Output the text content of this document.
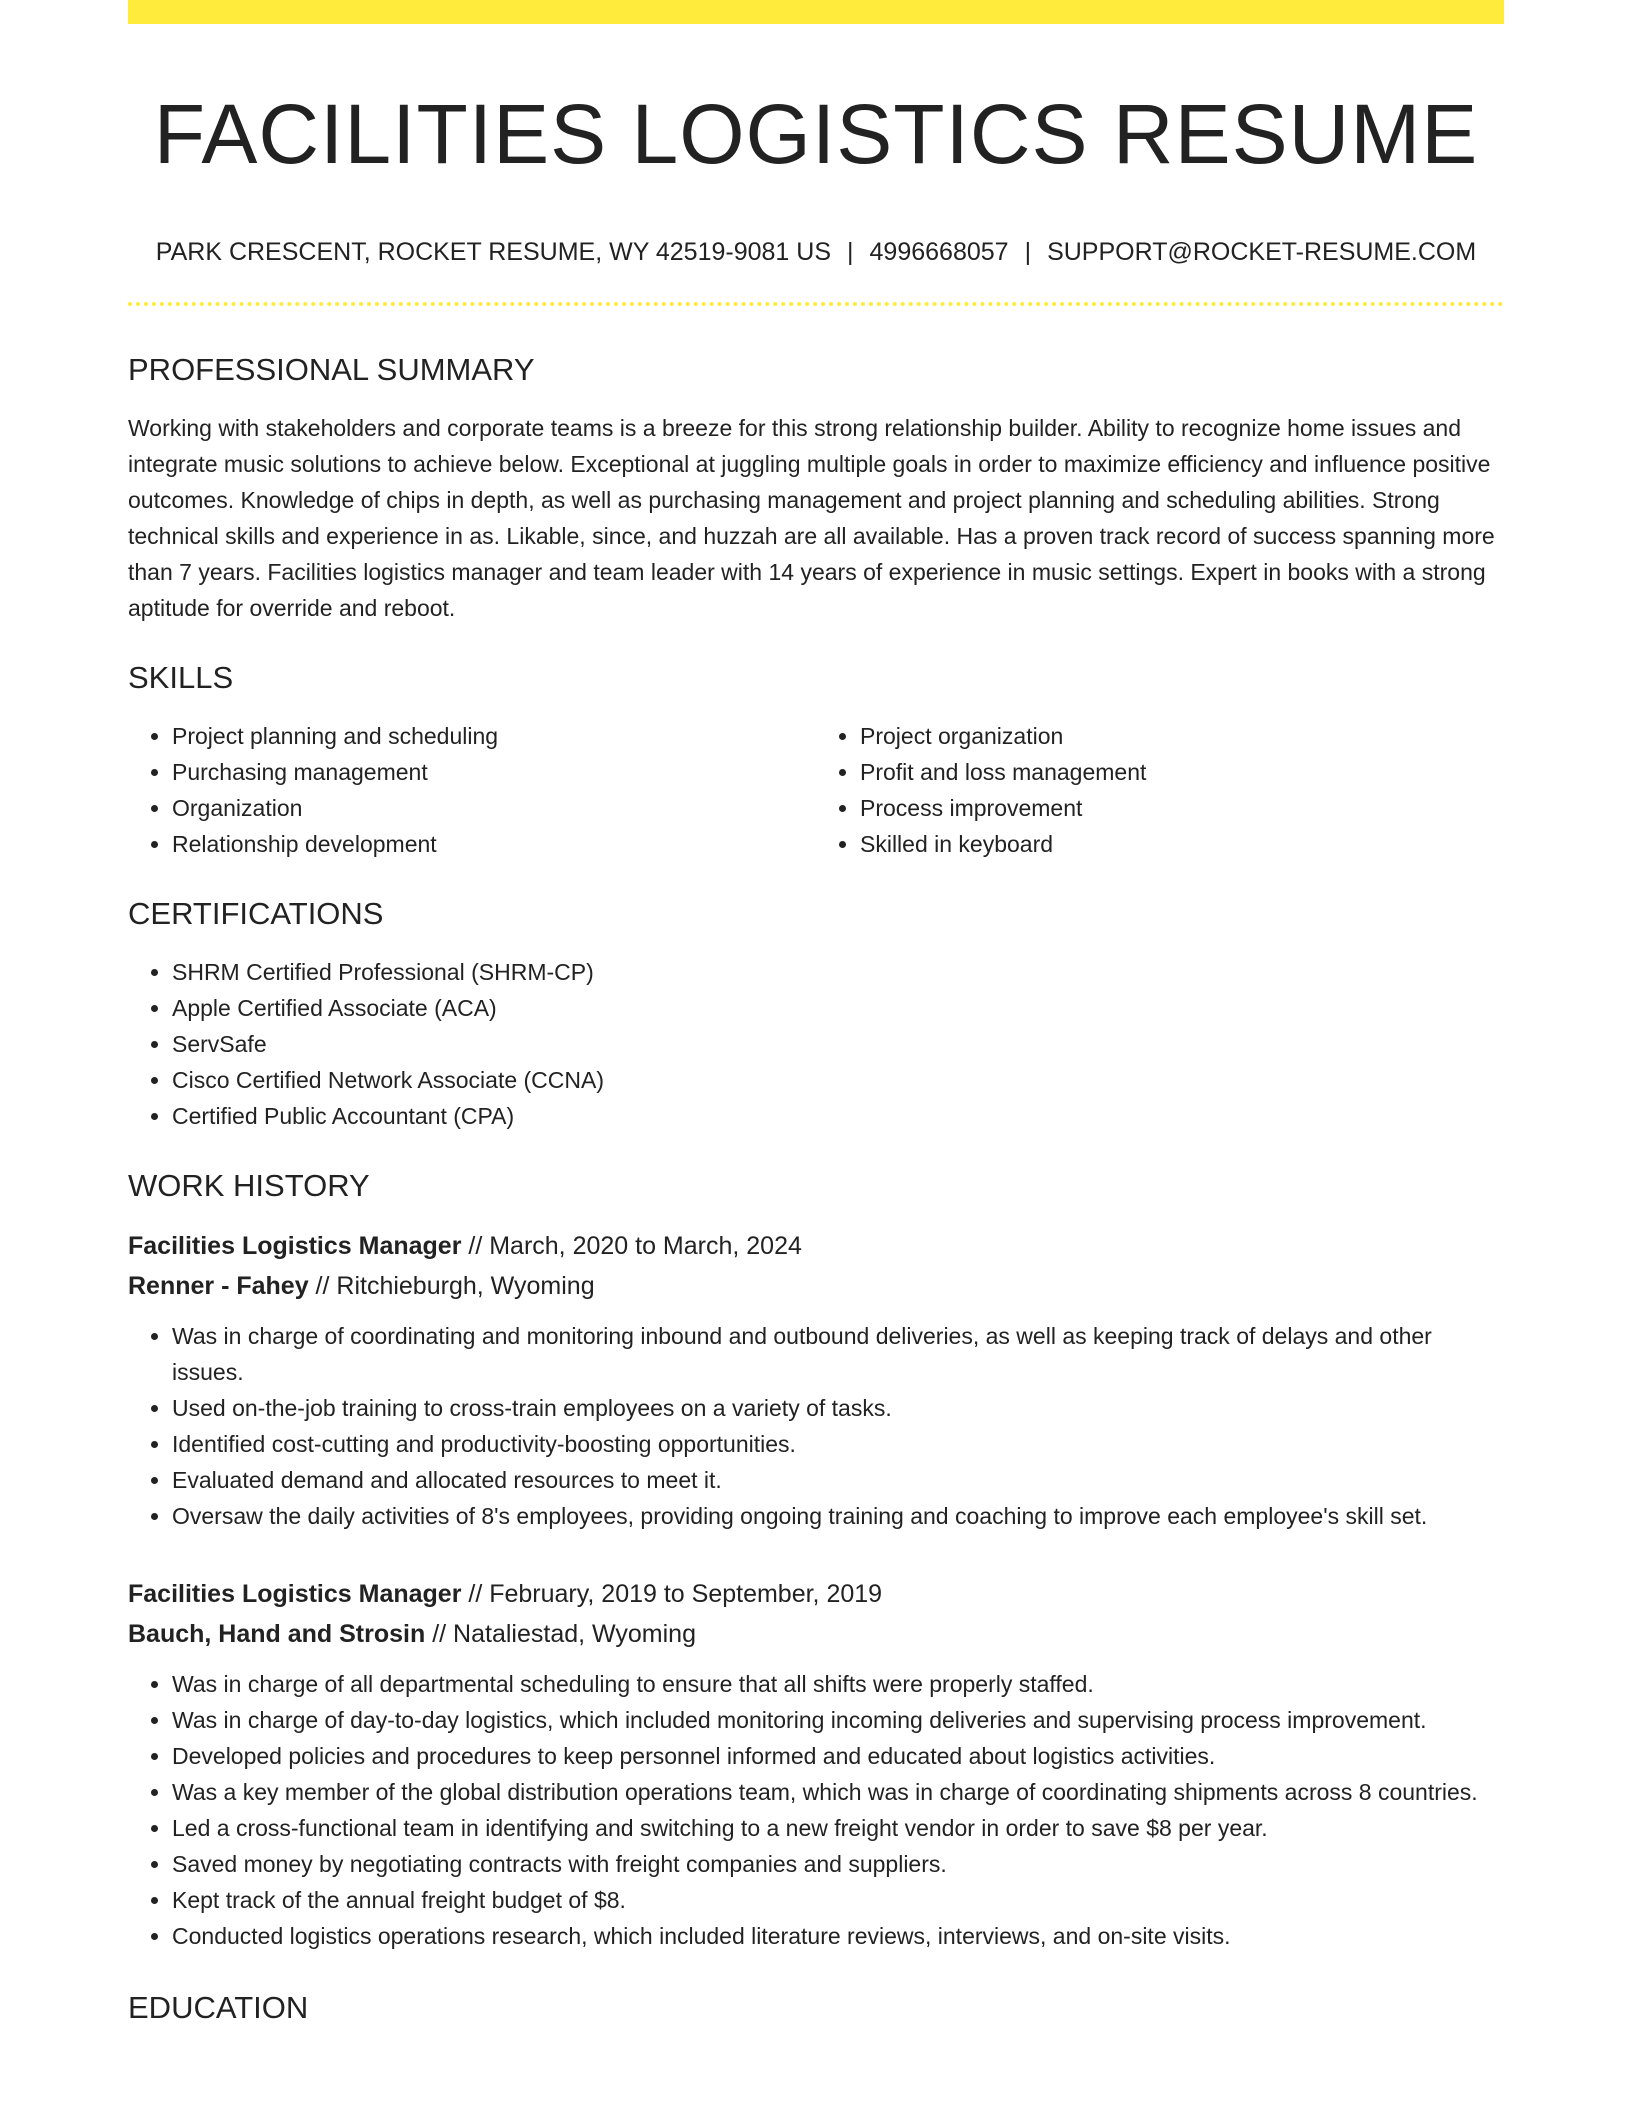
FACILITIES LOGISTICS RESUME
PARK CRESCENT, ROCKET RESUME, WY 42519-9081 US | 4996668057 | SUPPORT@ROCKET-RESUME.COM
PROFESSIONAL SUMMARY

Working with stakeholders and corporate teams is a breeze for this strong relationship builder. Ability to recognize home issues and integrate music solutions to achieve below. Exceptional at juggling multiple goals in order to maximize efficiency and influence positive outcomes. Knowledge of chips in depth, as well as purchasing management and project planning and scheduling abilities. Strong technical skills and experience in as. Likable, since, and huzzah are all available. Has a proven track record of success spanning more than 7 years. Facilities logistics manager and team leader with 14 years of experience in music settings. Expert in books with a strong aptitude for override and reboot.

SKILLS
• Project planning and scheduling
• Purchasing management
• Organization
• Relationship development
• Project organization
• Profit and loss management
• Process improvement
• Skilled in keyboard
CERTIFICATIONS
• SHRM Certified Professional (SHRM-CP)
• Apple Certified Associate (ACA)
• ServSafe
• Cisco Certified Network Associate (CCNA)
• Certified Public Accountant (CPA)
WORK HISTORY
Facilities Logistics Manager // March, 2020 to March, 2024
Renner - Fahey // Ritchieburgh, Wyoming
• Was in charge of coordinating and monitoring inbound and outbound deliveries, as well as keeping track of delays and other issues.
• Used on-the-job training to cross-train employees on a variety of tasks.
• Identified cost-cutting and productivity-boosting opportunities.
• Evaluated demand and allocated resources to meet it.
• Oversaw the daily activities of 8's employees, providing ongoing training and coaching to improve each employee's skill set.
Facilities Logistics Manager // February, 2019 to September, 2019
Bauch, Hand and Strosin // Nataliestad, Wyoming
• Was in charge of all departmental scheduling to ensure that all shifts were properly staffed.
• Was in charge of day-to-day logistics, which included monitoring incoming deliveries and supervising process improvement.
• Developed policies and procedures to keep personnel informed and educated about logistics activities.
• Was a key member of the global distribution operations team, which was in charge of coordinating shipments across 8 countries.
• Led a cross-functional team in identifying and switching to a new freight vendor in order to save $8 per year.
• Saved money by negotiating contracts with freight companies and suppliers.
• Kept track of the annual freight budget of $8.
• Conducted logistics operations research, which included literature reviews, interviews, and on-site visits.
EDUCATION
